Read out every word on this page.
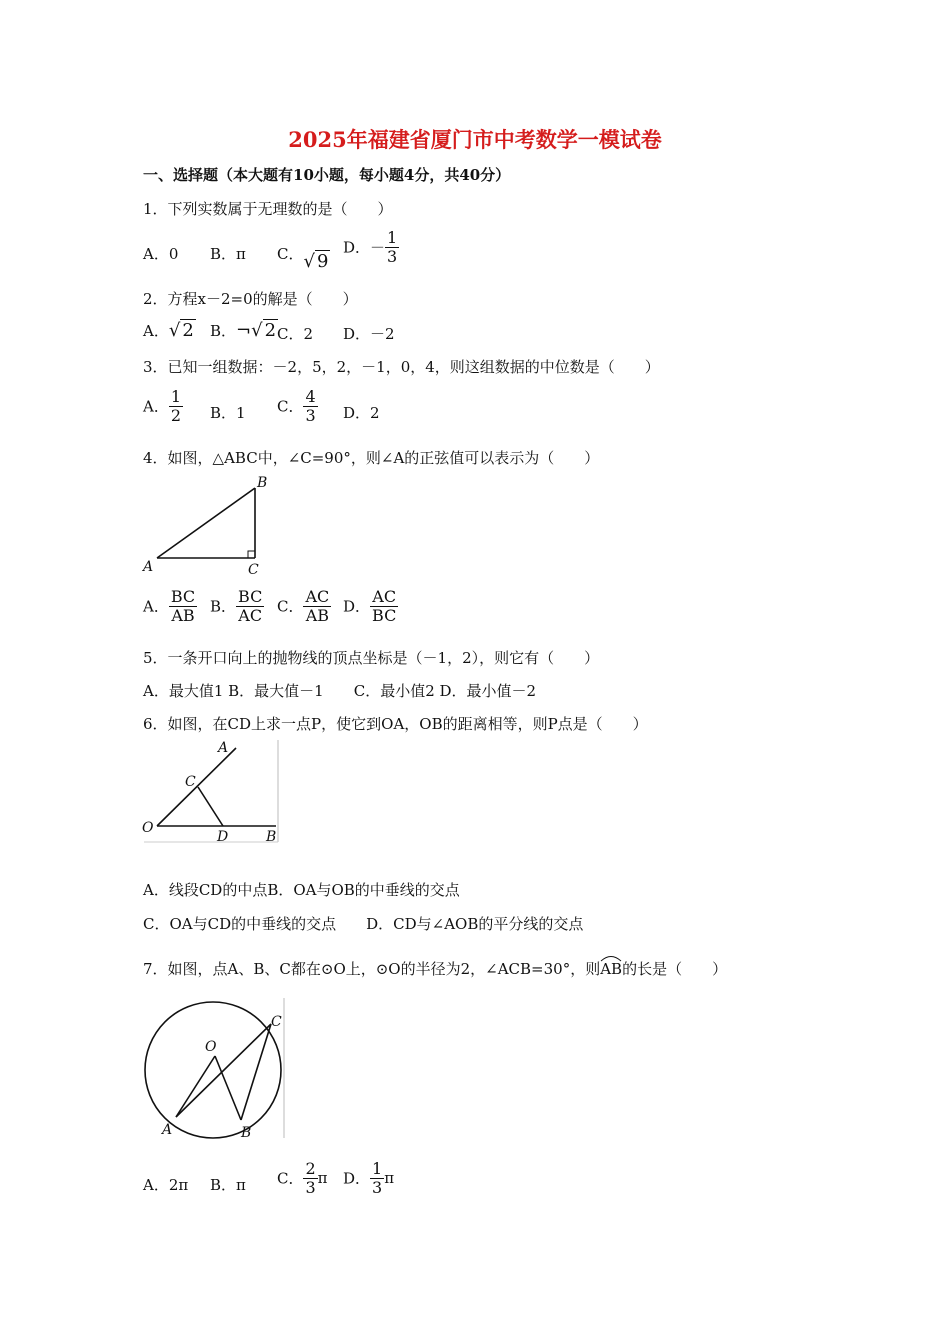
2025年福建省厦门市中考数学一模试卷
一、选择题（本大题有10小题，每小题4分，共40分）
1．下列实数属于无理数的是（　　）
A．0 B．π C．√ 9
D．－ $\frac{1}{3}$
2．方程x－2=0的解是（　　）
A．√ 2 B．¬√ 2 C．2 D．－2
3．已知一组数据：－2，5，2，－1，0，4，则这组数据的中位数是（　　）
A． $\frac{1}{2}$ B．1 C． $\frac{4}{3}$ D．2
4．如图，△ABC中，∠C=90°，则∠A的正弦值可以表示为（　　）
A
B
C
A． $\frac{BC}{AB}$ B． $\frac{BC}{AC}$ C． $\frac{AC}{AB}$ D． $\frac{AC}{BC}$
5．一条开口向上的抛物线的顶点坐标是（－1，2），则它有（　　）
A．最大值1 B．最大值－1　　C．最小值2 D．最小值－2
6．如图，在CD上求一点P，使它到OA，OB的距离相等，则P点是（　　）
A
C
O
D	B
A．线段CD的中点B．OA与OB的中垂线的交点
C．OA与CD的中垂线的交点　　D．CD与∠AOB的平分线的交点
7．如图，点A、B、C都在⊙O上，⊙O的半径为2，∠ACB=30°，则
AB的长是（　　）
O
A	B
C
A．2π B．π C． $\frac{2}{3}$ π D． $\frac{1}{3}$ π
